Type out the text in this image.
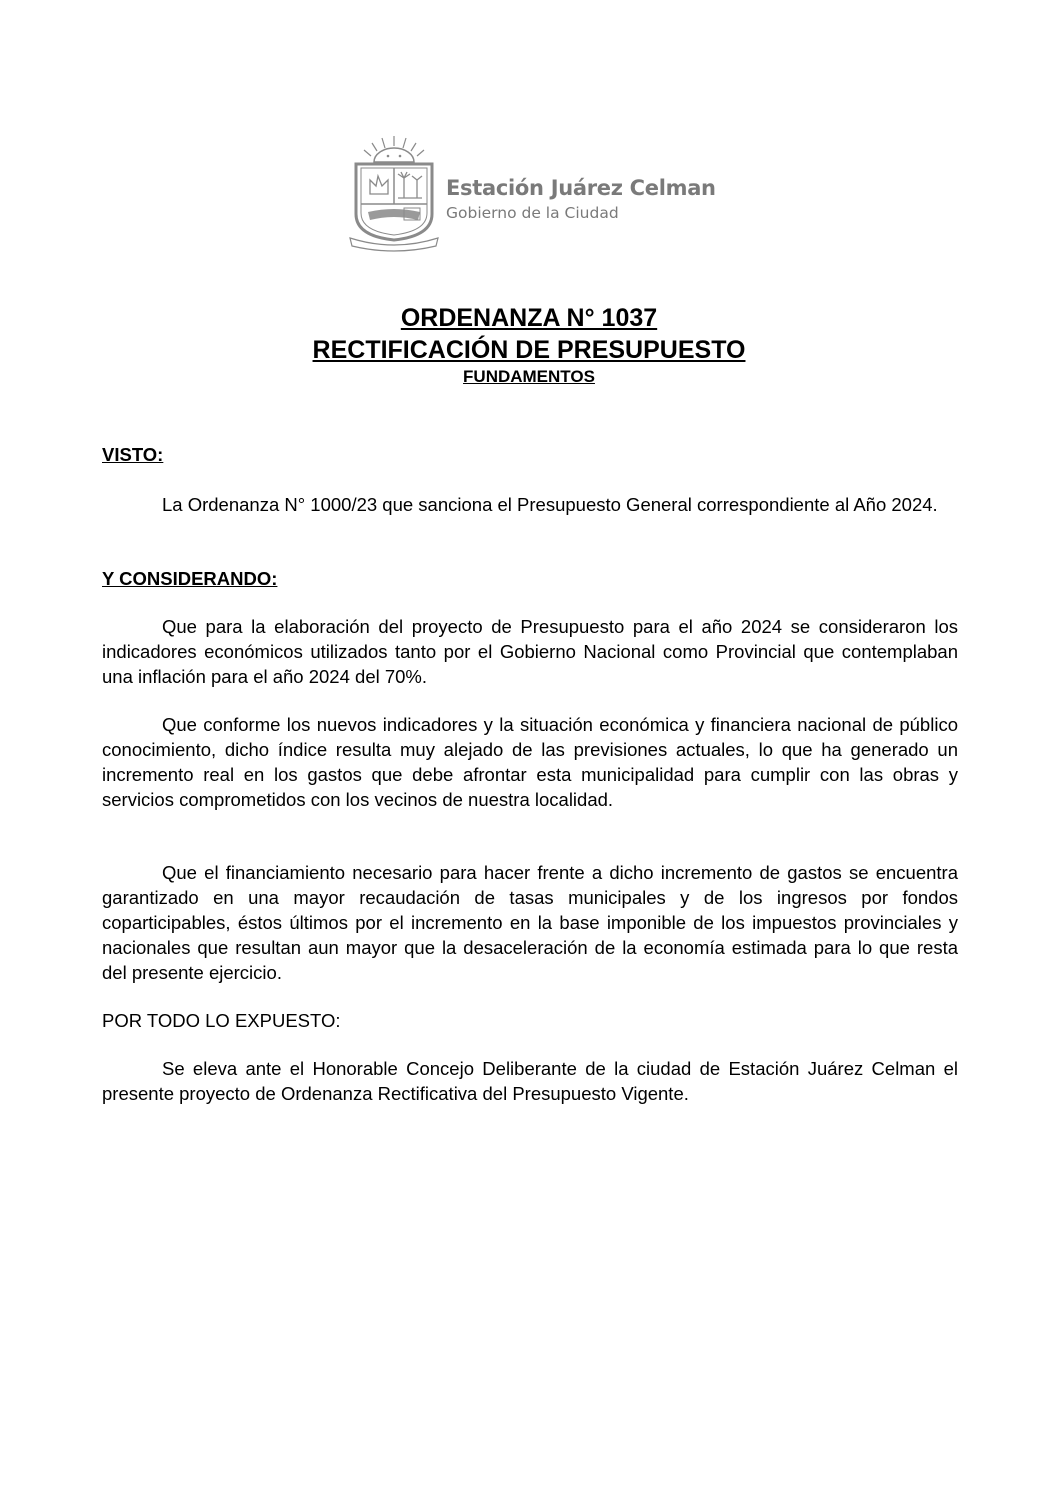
Estación Juárez Celman
Gobierno de la Ciudad

ORDENANZA N° 1037

RECTIFICACIÓN DE PRESUPUESTO

FUNDAMENTOS

VISTO:

La Ordenanza N° 1000/23 que sanciona el Presupuesto General correspondiente al Año 2024.

Y CONSIDERANDO:

Que para la elaboración del proyecto de Presupuesto para el año 2024 se consideraron los indicadores económicos utilizados tanto por el Gobierno Nacional como Provincial que contemplaban una inflación para el año 2024 del 70%.

Que conforme los nuevos indicadores y la situación económica y financiera nacional de público conocimiento, dicho índice resulta muy alejado de las previsiones actuales, lo que ha generado un incremento real en los gastos que debe afrontar esta municipalidad para cumplir con las obras y servicios comprometidos con los vecinos de nuestra localidad.

Que el financiamiento necesario para hacer frente a dicho incremento de gastos se encuentra garantizado en una mayor recaudación de tasas municipales y de los ingresos por fondos coparticipables, éstos últimos por el incremento en la base imponible de los impuestos provinciales y nacionales que resultan aun mayor que la desaceleración de la economía estimada para lo que resta del presente ejercicio.

POR TODO LO EXPUESTO:

Se eleva ante el Honorable Concejo Deliberante de la ciudad de Estación Juárez Celman el presente proyecto de Ordenanza Rectificativa del Presupuesto Vigente.
